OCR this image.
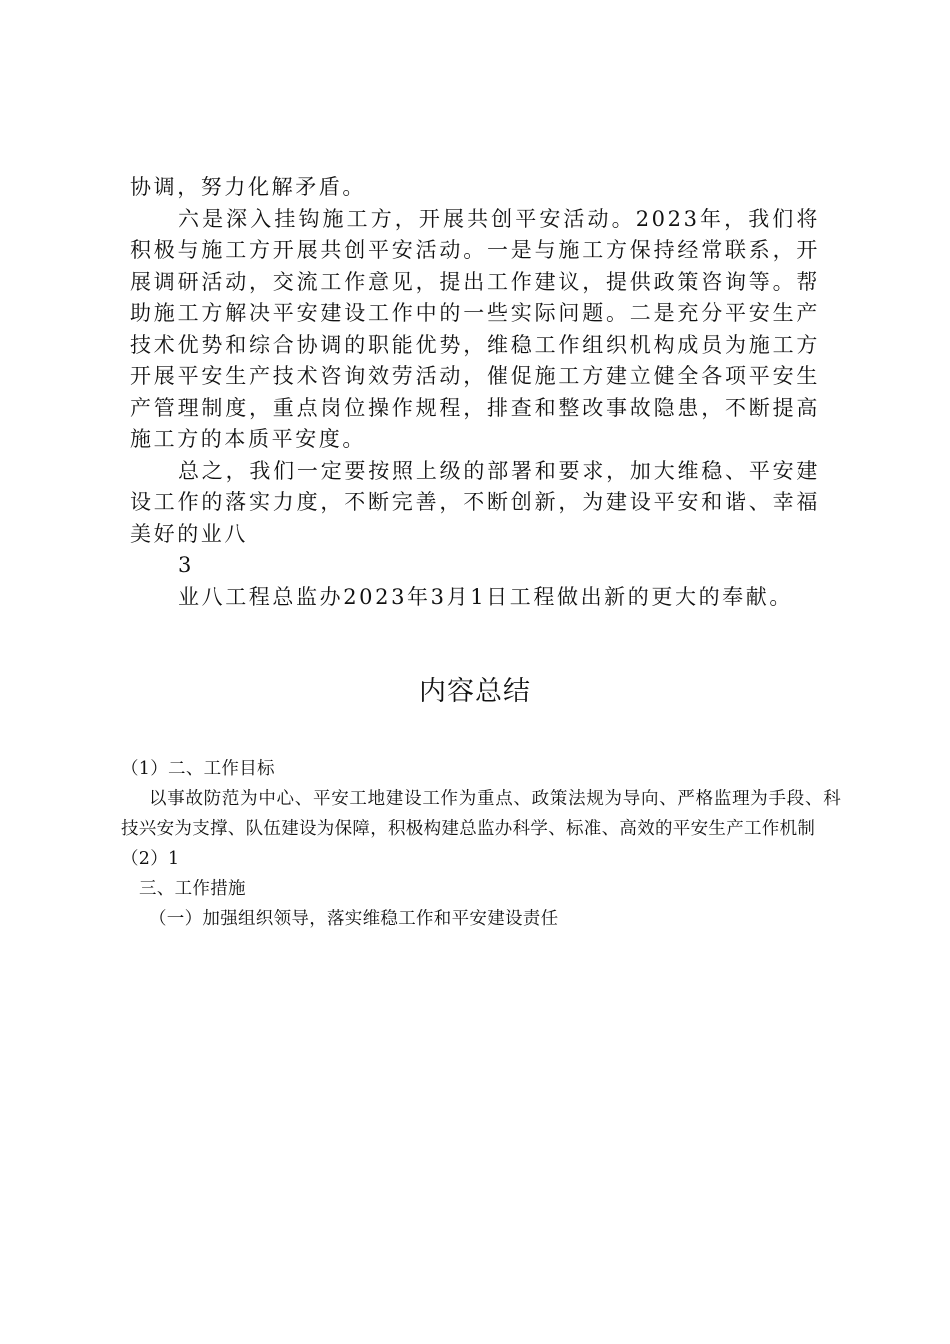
协调，努力化解矛盾。

六是深入挂钩施工方，开展共创平安活动。2023年，我们将积极与施工方开展共创平安活动。一是与施工方保持经常联系，开展调研活动，交流工作意见，提出工作建议，提供政策咨询等。帮助施工方解决平安建设工作中的一些实际问题。二是充分平安生产技术优势和综合协调的职能优势，维稳工作组织机构成员为施工方开展平安生产技术咨询效劳活动，催促施工方建立健全各项平安生产管理制度，重点岗位操作规程，排查和整改事故隐患，不断提高施工方的本质平安度。

总之，我们一定要按照上级的部署和要求，加大维稳、平安建设工作的落实力度，不断完善，不断创新，为建设平安和谐、幸福美好的业八

3

业八工程总监办2023年3月1日工程做出新的更大的奉献。

内容总结

（1）二、工作目标

以事故防范为中心、平安工地建设工作为重点、政策法规为导向、严格监理为手段、科技兴安为支撑、队伍建设为保障，积极构建总监办科学、标准、高效的平安生产工作机制

（2）1

三、工作措施

（一）加强组织领导，落实维稳工作和平安建设责任
